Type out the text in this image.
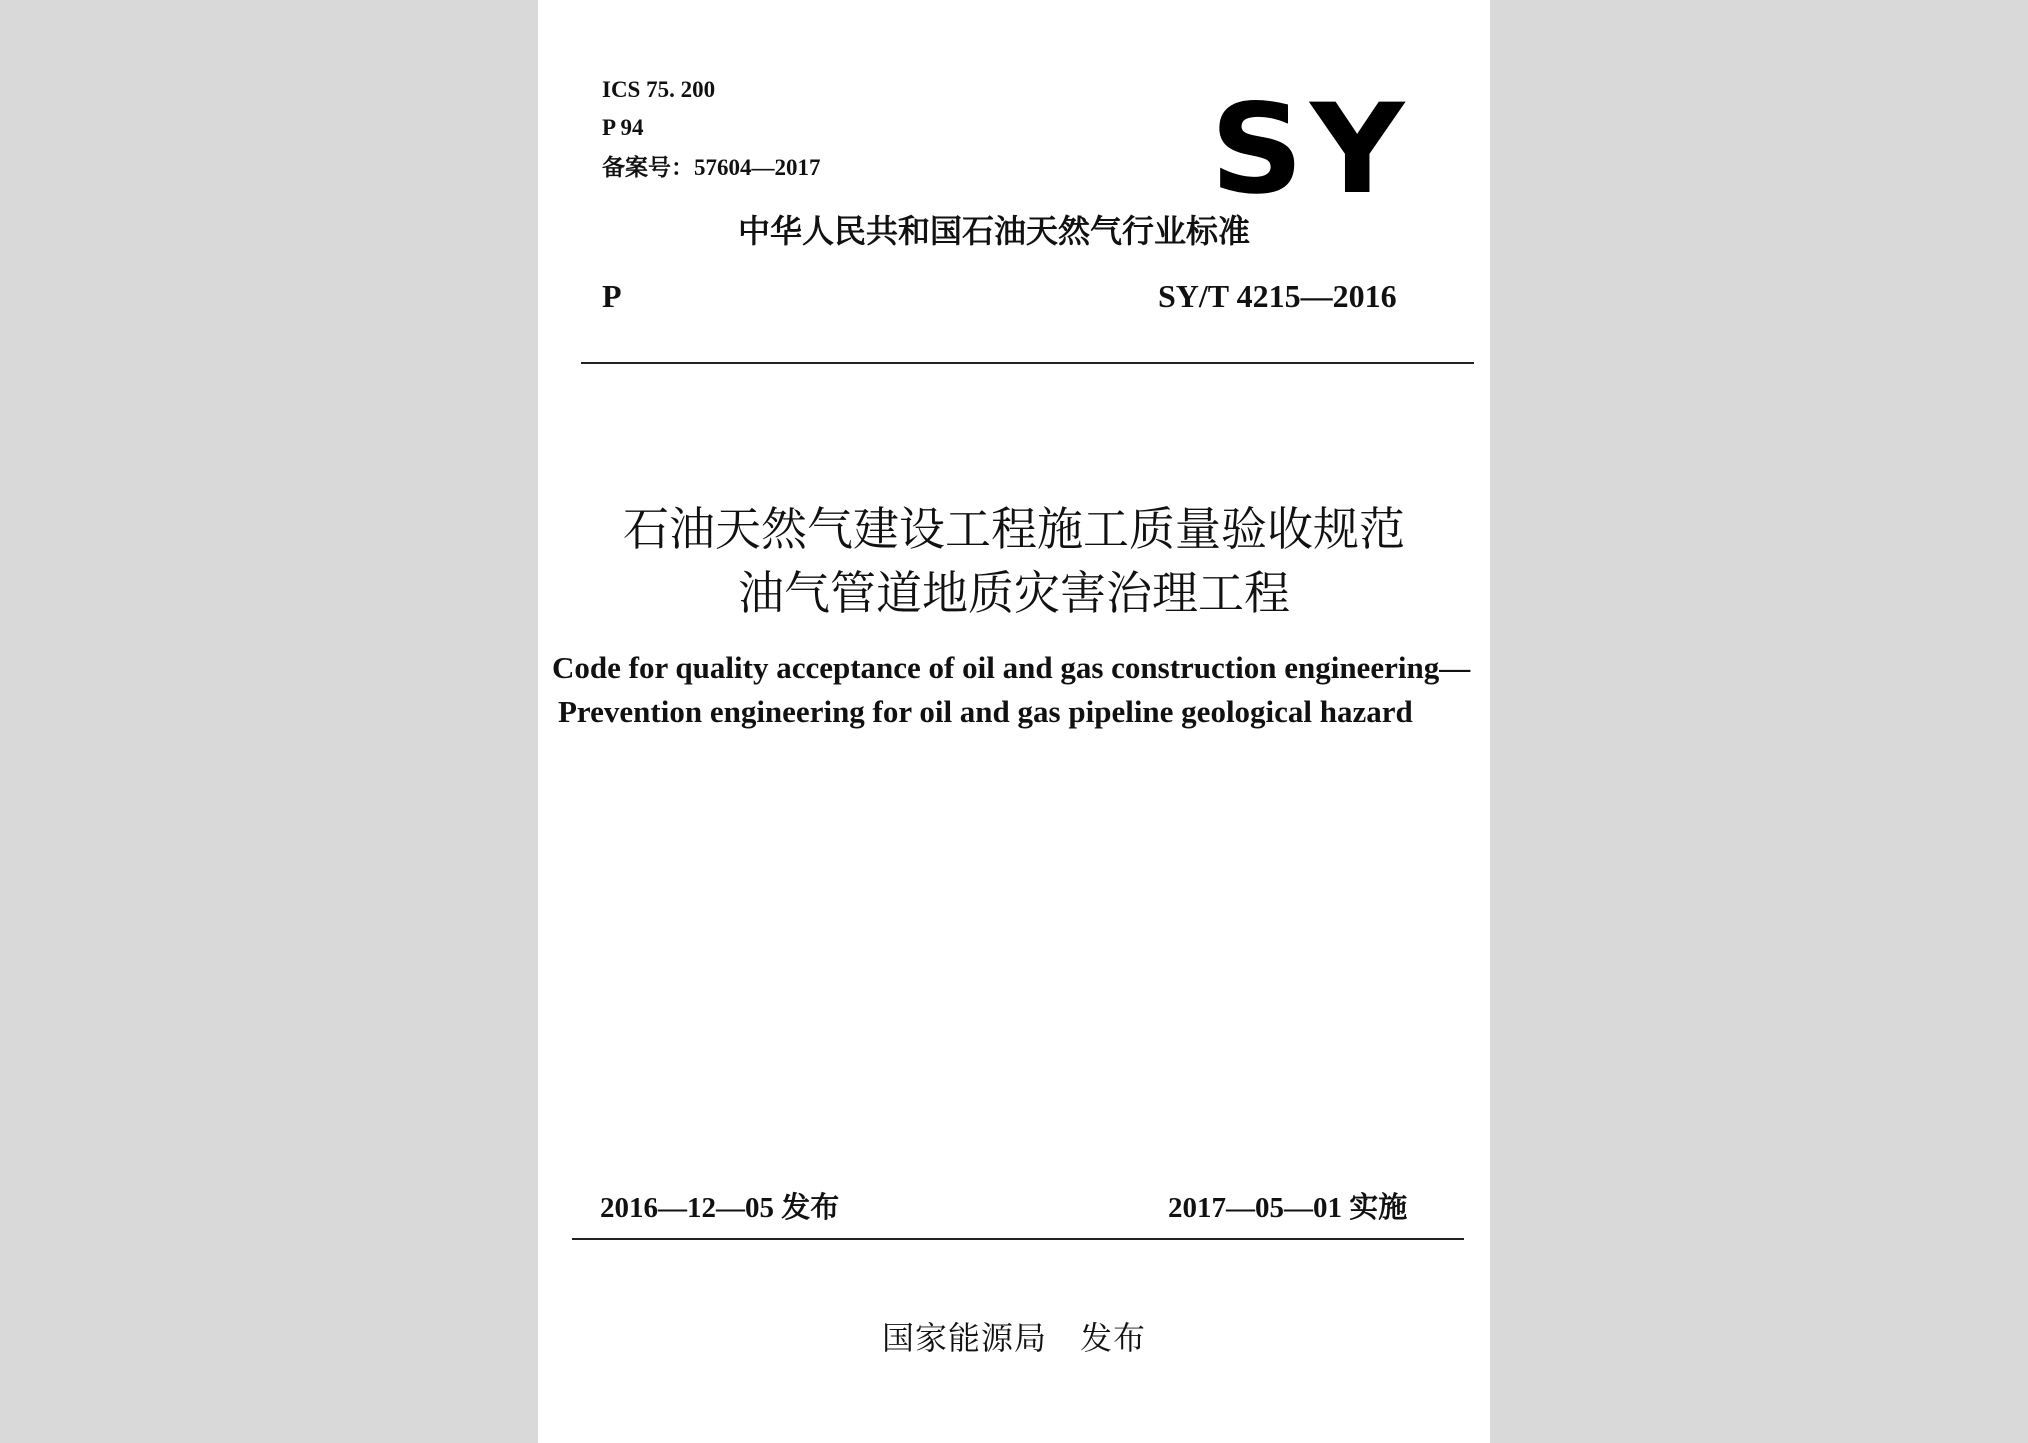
ICS 75. 200
P 94
备案号：57604—2017	SY
中华人民共和国石油天然气行业标准
P	SY/T 4215—2016
石油天然气建设工程施工质量验收规范
油气管道地质灾害治理工程
Code for quality acceptance of oil and gas construction engineering—
Prevention engineering for oil and gas pipeline geological hazard
2016—12—05 发布	2017—05—01 实施
国家能源局　发布
